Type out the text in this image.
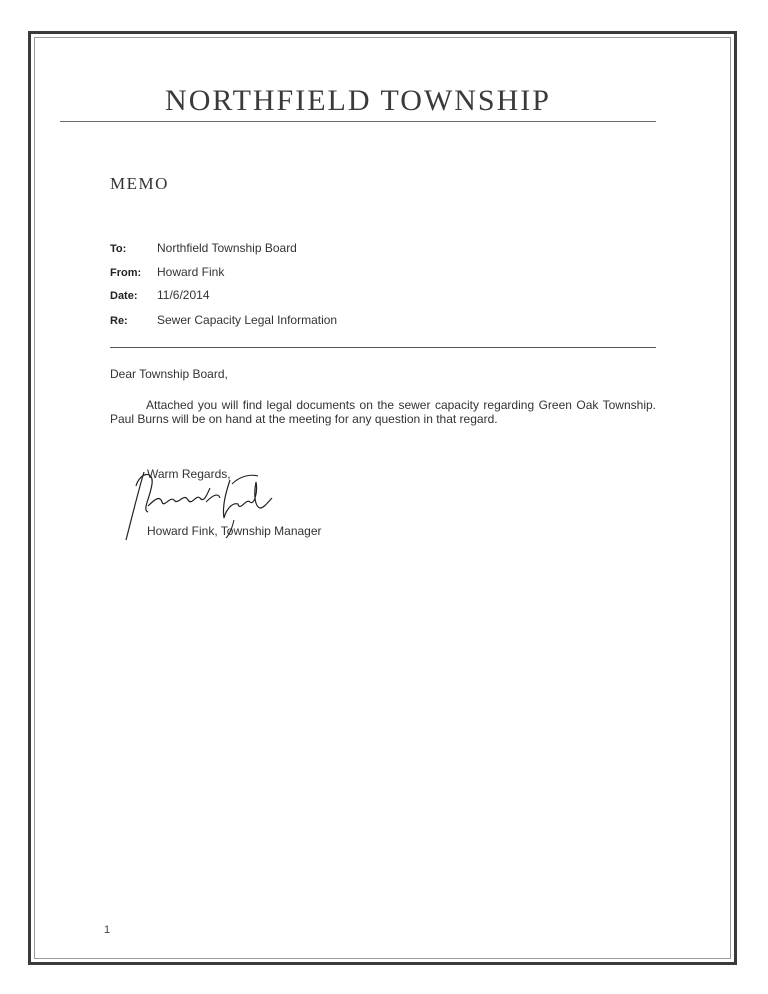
NORTHFIELD TOWNSHIP
MEMO
To:	Northfield Township Board
From: Howard Fink
Date: 11/6/2014
Re: Sewer Capacity Legal Information
Dear Township Board,
Attached you will find legal documents on the sewer capacity regarding Green Oak Township. Paul Burns will be on hand at the meeting for any question in that regard.
Warm Regards,
Howard Fink, Township Manager
1
